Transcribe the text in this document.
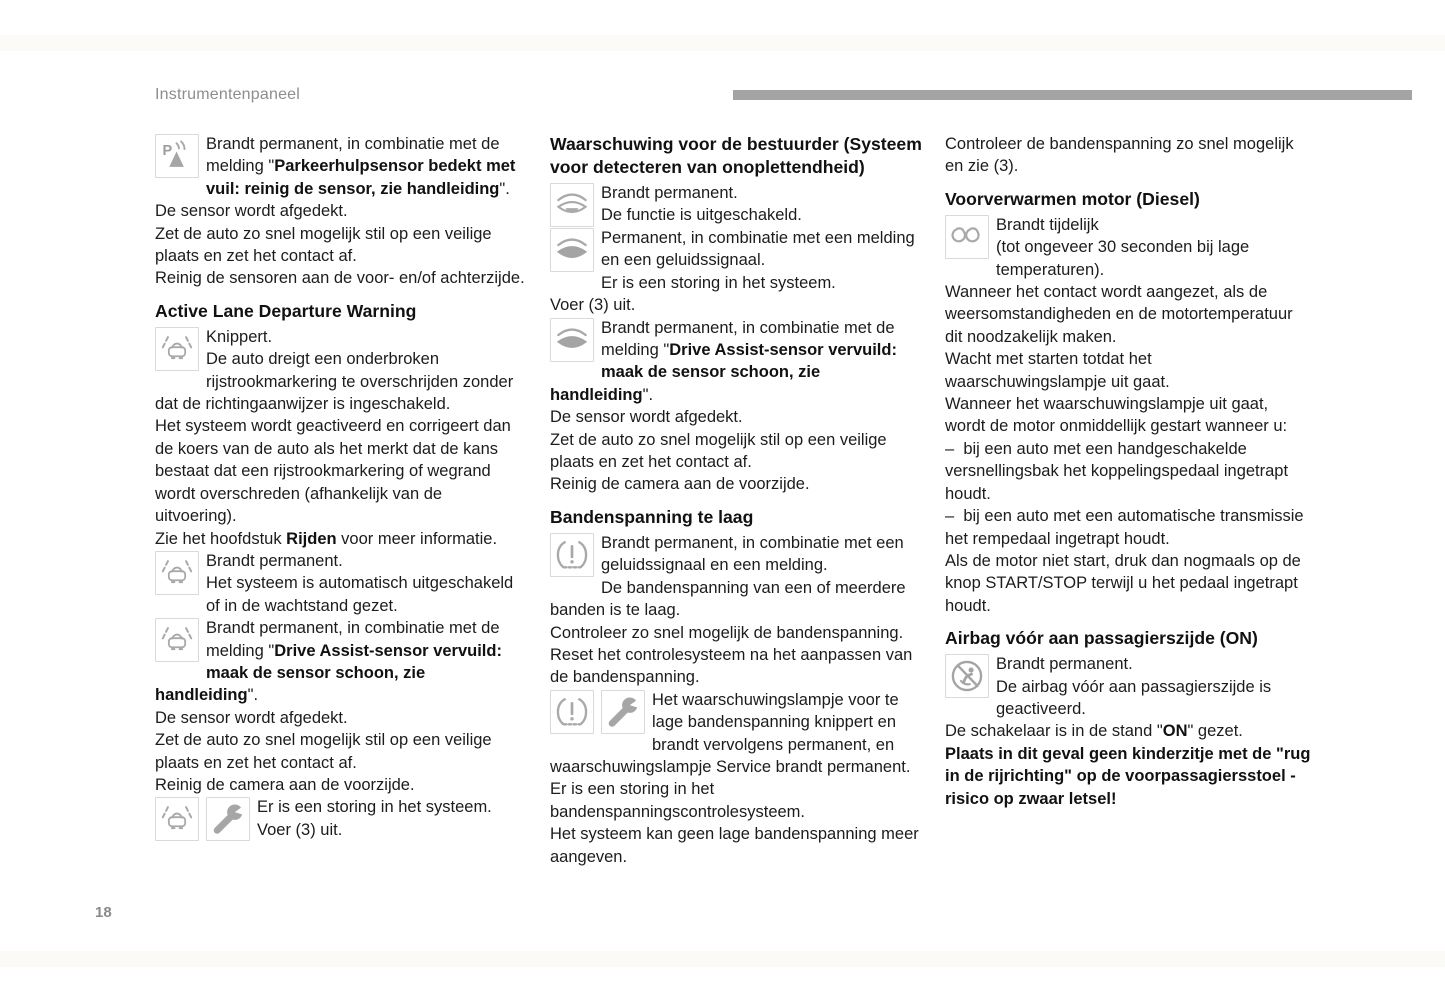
Instrumentenpaneel
P	Brandt permanent, in combinatie met de melding "Parkeerhulpsensor bedekt met vuil: reinig de sensor, zie handleiding".
De sensor wordt afgedekt.
Zet de auto zo snel mogelijk stil op een veilige plaats en zet het contact af.
Reinig de sensoren aan de voor- en/of achterzijde.
Active Lane Departure Warning
Knippert.
De auto dreigt een onderbroken rijstrookmarkering te overschrijden zonder dat de richtingaanwijzer is ingeschakeld.
Het systeem wordt geactiveerd en corrigeert dan de koers van de auto als het merkt dat de kans bestaat dat een rijstrookmarkering of wegrand wordt overschreden (afhankelijk van de uitvoering).
Zie het hoofdstuk Rijden voor meer informatie.
Brandt permanent.
Het systeem is automatisch uitgeschakeld of in de wachtstand gezet.
Brandt permanent, in combinatie met de melding "Drive Assist-sensor vervuild: maak de sensor schoon, zie handleiding".
De sensor wordt afgedekt.
Zet de auto zo snel mogelijk stil op een veilige plaats en zet het contact af.
Reinig de camera aan de voorzijde.
Er is een storing in het systeem.
Voer (3) uit.
Waarschuwing voor de bestuurder (Systeem voor detecteren van onoplettendheid)
Brandt permanent.
De functie is uitgeschakeld.
Permanent, in combinatie met een melding en een geluidssignaal.
Er is een storing in het systeem.
Voer (3) uit.
Brandt permanent, in combinatie met de melding "Drive Assist-sensor vervuild: maak de sensor schoon, zie handleiding".
De sensor wordt afgedekt.
Zet de auto zo snel mogelijk stil op een veilige plaats en zet het contact af.
Reinig de camera aan de voorzijde.
Bandenspanning te laag
Brandt permanent, in combinatie met een geluidssignaal en een melding.
De bandenspanning van een of meerdere banden is te laag.
Controleer zo snel mogelijk de bandenspanning.
Reset het controlesysteem na het aanpassen van de bandenspanning.
Het waarschuwingslampje voor te lage bandenspanning knippert en brandt vervolgens permanent, en waarschuwingslampje Service brandt permanent.
Er is een storing in het bandenspanningscontrolesysteem.
Het systeem kan geen lage bandenspanning meer aangeven.
Controleer de bandenspanning zo snel mogelijk en zie (3).
Voorverwarmen motor (Diesel)
Brandt tijdelijk
(tot ongeveer 30 seconden bij lage temperaturen).
Wanneer het contact wordt aangezet, als de weersomstandigheden en de motortemperatuur dit noodzakelijk maken.
Wacht met starten totdat het waarschuwingslampje uit gaat.
Wanneer het waarschuwingslampje uit gaat, wordt de motor onmiddellijk gestart wanneer u:
–  bij een auto met een handgeschakelde versnellingsbak het koppelingspedaal ingetrapt houdt.
–  bij een auto met een automatische transmissie het rempedaal ingetrapt houdt.
Als de motor niet start, druk dan nogmaals op de knop START/STOP terwijl u het pedaal ingetrapt houdt.
Airbag vóór aan passagierszijde (ON)
Brandt permanent.
De airbag vóór aan passagierszijde is geactiveerd.
De schakelaar is in de stand "ON" gezet.
Plaats in dit geval geen kinderzitje met de "rug in de rijrichting" op de voorpassagiersstoel - risico op zwaar letsel!
18
